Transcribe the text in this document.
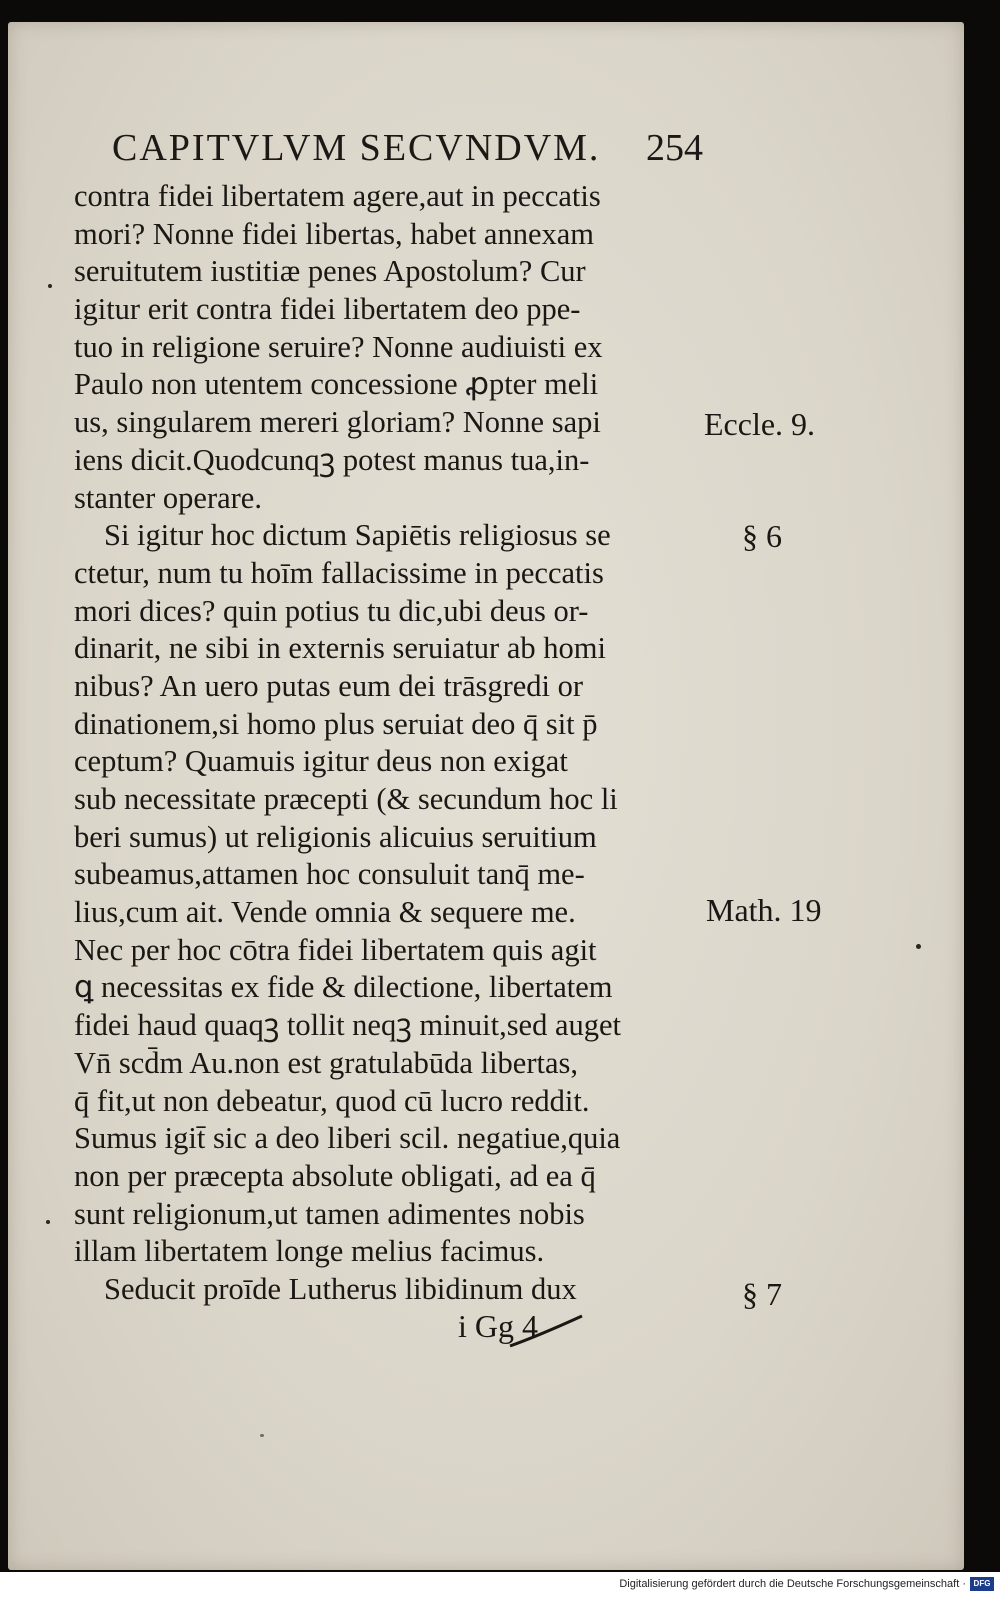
CAPITVLVM SECVNDVM. 254
contra fidei libertatem agere,aut in peccatis
mori? Nonne fidei libertas, habet annexam
seruitutem iustitiæ penes Apostolum? Cur
igitur erit contra fidei libertatem deo ppe-
tuo in religione seruire? Nonne audiuisti ex
Paulo non utentem concessione ꝓpter meli
us, singularem mereri gloriam? Nonne sapi
iens dicit.Quodcunqꝫ potest manus tua,in-
stanter operare.
Si igitur hoc dictum Sapiētis religiosus se
ctetur, num tu hoīm fallacissime in peccatis
mori dices? quin potius tu dic,ubi deus or-
dinarit, ne sibi in externis seruiatur ab homi
nibus? An uero putas eum dei trāsgredi or
dinationem,si homo plus seruiat deo q̄ sit p̄
ceptum? Quamuis igitur deus non exigat
sub necessitate præcepti (& secundum hoc li
beri sumus) ut religionis alicuius seruitium
subeamus,attamen hoc consuluit tanq̄ me-
lius,cum ait. Vende omnia & sequere me.
Nec per hoc cōtra fidei libertatem quis agit
ꝗ necessitas ex fide & dilectione, libertatem
fidei haud quaqꝫ tollit neqꝫ minuit,sed auget
Vn̄ scd̄m Au.non est gratulabūda libertas,
q̄ fit,ut non debeatur, quod cū lucro reddit.
Sumus igit̄ sic a deo liberi scil. negatiue,quia
non per præcepta absolute obligati, ad ea q̄
sunt religionum,ut tamen adimentes nobis
illam libertatem longe melius facimus.
Seducit proīde Lutherus libidinum dux
Eccle. 9.
§ 6
Math. 19
§ 7
i Gg 4
Digitalisierung gefördert durch die Deutsche Forschungsgemeinschaft · DFG
